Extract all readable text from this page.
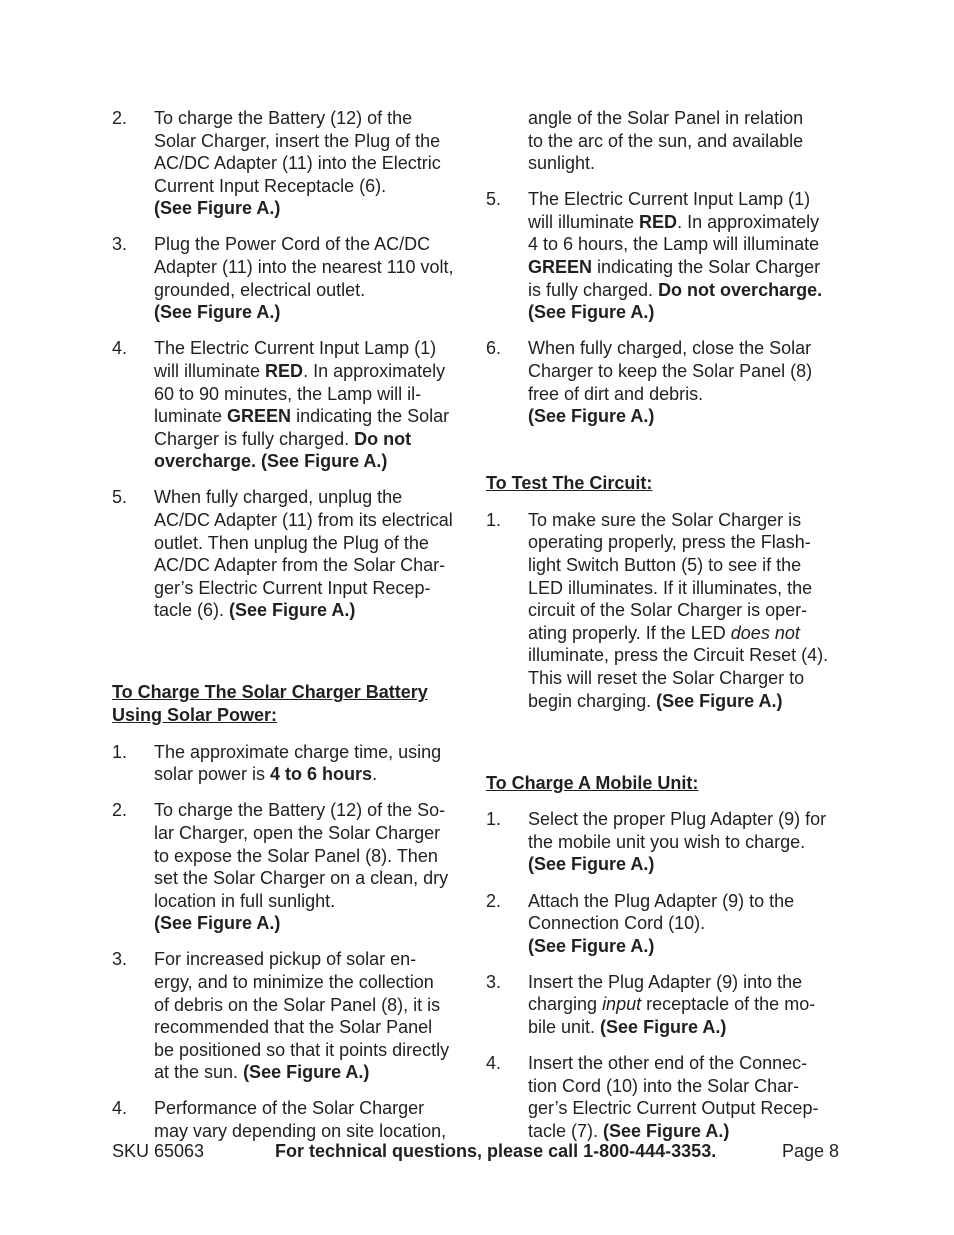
2. To charge the Battery (12) of the
Solar Charger, insert the Plug of the
AC/DC Adapter (11) into the Electric
Current Input Receptacle (6).
(See Figure A.)
3. Plug the Power Cord of the AC/DC
Adapter (11) into the nearest 110 volt,
grounded, electrical outlet.
(See Figure A.)
4. The Electric Current Input Lamp (1)
will illuminate RED. In approximately
60 to 90 minutes, the Lamp will il-
luminate GREEN indicating the Solar
Charger is fully charged. Do not
overcharge. (See Figure A.)
5. When fully charged, unplug the
AC/DC Adapter (11) from its electrical
outlet. Then unplug the Plug of the
AC/DC Adapter from the Solar Char-
ger’s Electric Current Input Recep-
tacle (6). (See Figure A.)
To Charge The Solar Charger Battery
Using Solar Power:
1. The approximate charge time, using
solar power is 4 to 6 hours.
2. To charge the Battery (12) of the So-
lar Charger, open the Solar Charger
to expose the Solar Panel (8). Then
set the Solar Charger on a clean, dry
location in full sunlight.
(See Figure A.)
3. For increased pickup of solar en-
ergy, and to minimize the collection
of debris on the Solar Panel (8), it is
recommended that the Solar Panel
be positioned so that it points directly
at the sun. (See Figure A.)
4. Performance of the Solar Charger
may vary depending on site location,
angle of the Solar Panel in relation
to the arc of the sun, and available
sunlight.
5. The Electric Current Input Lamp (1)
will illuminate RED. In approximately
4 to 6 hours, the Lamp will illuminate
GREEN indicating the Solar Charger
is fully charged. Do not overcharge.
(See Figure A.)
6. When fully charged, close the Solar
Charger to keep the Solar Panel (8)
free of dirt and debris.
(See Figure A.)
To Test The Circuit:
1. To make sure the Solar Charger is
operating properly, press the Flash-
light Switch Button (5) to see if the
LED illuminates. If it illuminates, the
circuit of the Solar Charger is oper-
ating properly. If the LED does not
illuminate, press the Circuit Reset (4).
This will reset the Solar Charger to
begin charging. (See Figure A.)
To Charge A Mobile Unit:
1. Select the proper Plug Adapter (9) for
the mobile unit you wish to charge.
(See Figure A.)
2. Attach the Plug Adapter (9) to the
Connection Cord (10).
(See Figure A.)
3. Insert the Plug Adapter (9) into the
charging input receptacle of the mo-
bile unit. (See Figure A.)
4. Insert the other end of the Connec-
tion Cord (10) into the Solar Char-
ger’s Electric Current Output Recep-
tacle (7). (See Figure A.)
SKU 65063	For technical questions, please call 1-800-444-3353.	Page 8
